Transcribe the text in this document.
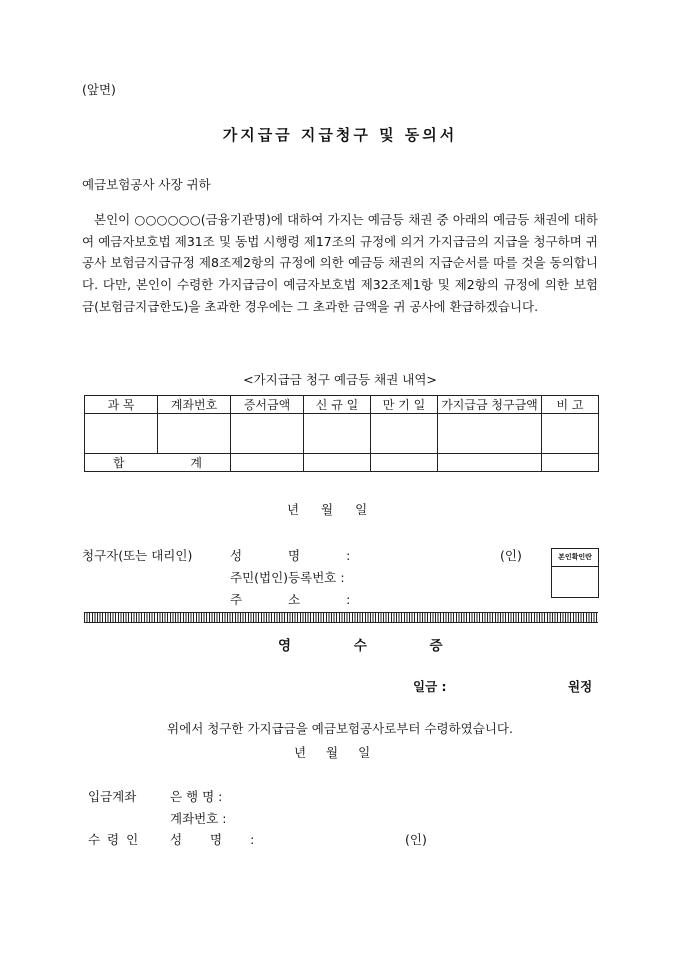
(앞면)
가지급금 지급청구 및 동의서
예금보험공사 사장 귀하

본인이 ○○○○○○(금융기관명)에 대하여 가지는 예금등 채권 중 아래의 예금등 채권에 대하여 예금자보호법 제31조 및 동법 시행령 제17조의 규정에 의거 가지급금의 지급을 청구하며 귀 공사 보험금지급규정 제8조제2항의 규정에 의한 예금등 채권의 지급순서를 따를 것을 동의합니다. 다만, 본인이 수령한 가지급금이 예금자보호법 제32조제1항 및 제2항의 규정에 의한 보험금(보험금지급한도)을 초과한 경우에는 그 초과한 금액을 귀 공사에 환급하겠습니다.

<가지급금 청구 예금등 채권 내역>
과 목	계좌번호	증서금액	신 규 일	만 기 일	가지급금 청구금액	비 고

합 계						

년 월 일
청구자(또는 대리인)	성 명 :	(인)
주민(법인)등록번호 :
주 소 :
본인확인란
영 수 증
일금 :	원정
위에서 청구한 가지급금을 예금보험공사로부터 수령하였습니다.
년 월 일
입금계좌	은 행 명 :
계좌번호 :
수 령 인	성 명 :	(인)
